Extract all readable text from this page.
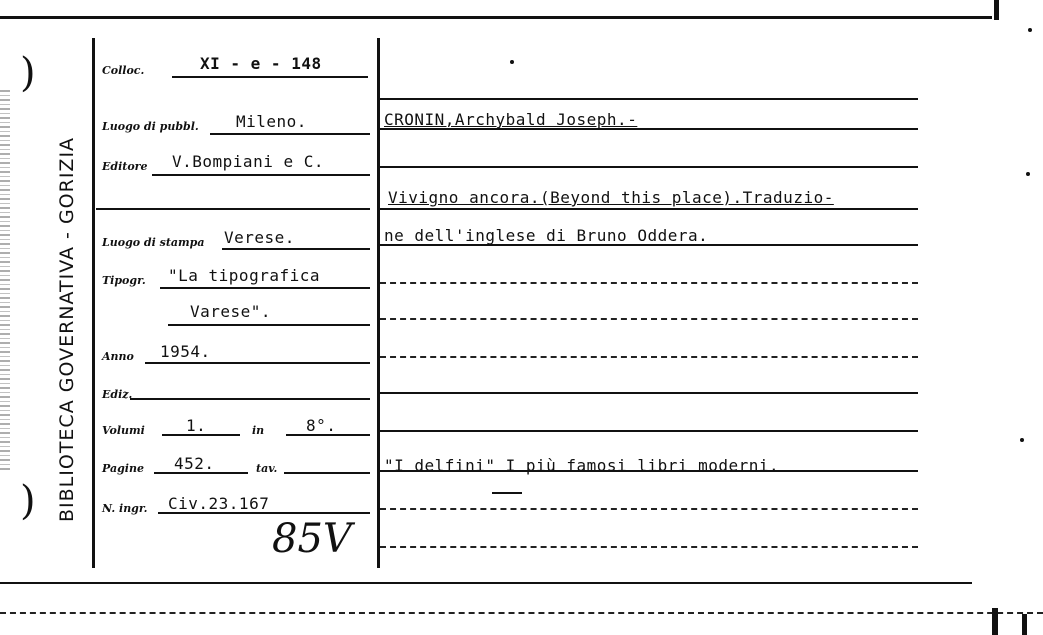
BIBLIOTECA GOVERNATIVA - GORIZIA
)
)
Colloc.	XI - e - 148
Luogo di pubbl. Mileno.
Editore V.Bompiani e C.
Luogo di stampa Verese.
Tipogr. "La tipografica
Varese".
Anno 1954.
Ediz.
Volumi	1.	in	8°.
Pagine 452.	tav.
N. ingr. Civ.23.167
85V
CRONIN,Archybald Joseph.-
Vivigno ancora.(Beyond this place).Traduzio-
ne dell'inglese di Bruno Oddera.
"I delfini" I più famosi libri moderni.
